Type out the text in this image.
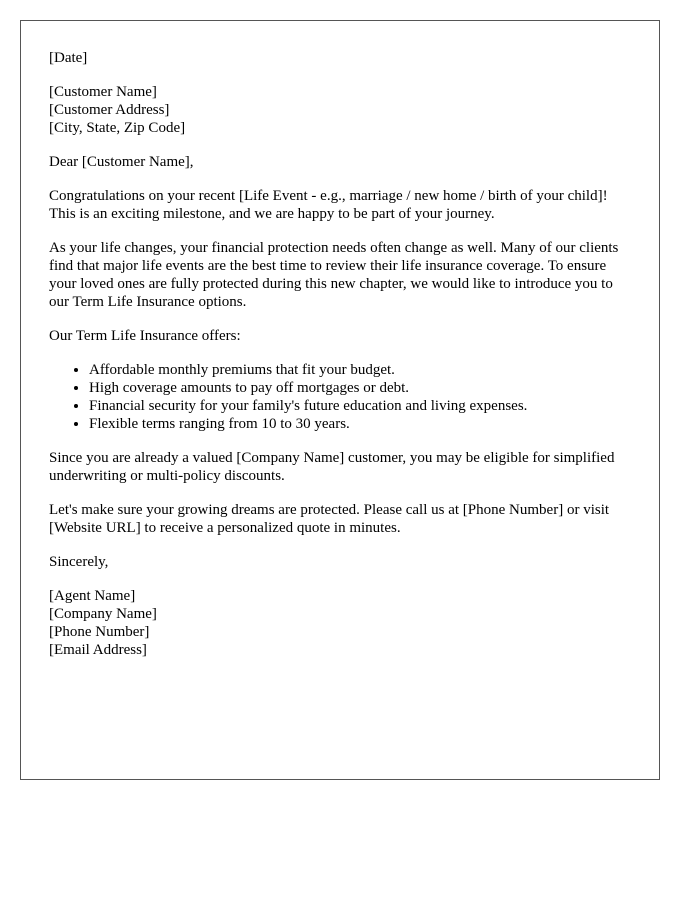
[Date]
[Customer Name]
[Customer Address]
[City, State, Zip Code]
Dear [Customer Name],
Congratulations on your recent [Life Event - e.g., marriage / new home / birth of your child]! This is an exciting milestone, and we are happy to be part of your journey.
As your life changes, your financial protection needs often change as well. Many of our clients find that major life events are the best time to review their life insurance coverage. To ensure your loved ones are fully protected during this new chapter, we would like to introduce you to our Term Life Insurance options.
Our Term Life Insurance offers:
• Affordable monthly premiums that fit your budget.
• High coverage amounts to pay off mortgages or debt.
• Financial security for your family's future education and living expenses.
• Flexible terms ranging from 10 to 30 years.
Since you are already a valued [Company Name] customer, you may be eligible for simplified underwriting or multi-policy discounts.
Let's make sure your growing dreams are protected. Please call us at [Phone Number] or visit [Website URL] to receive a personalized quote in minutes.
Sincerely,
[Agent Name]
[Company Name]
[Phone Number]
[Email Address]
